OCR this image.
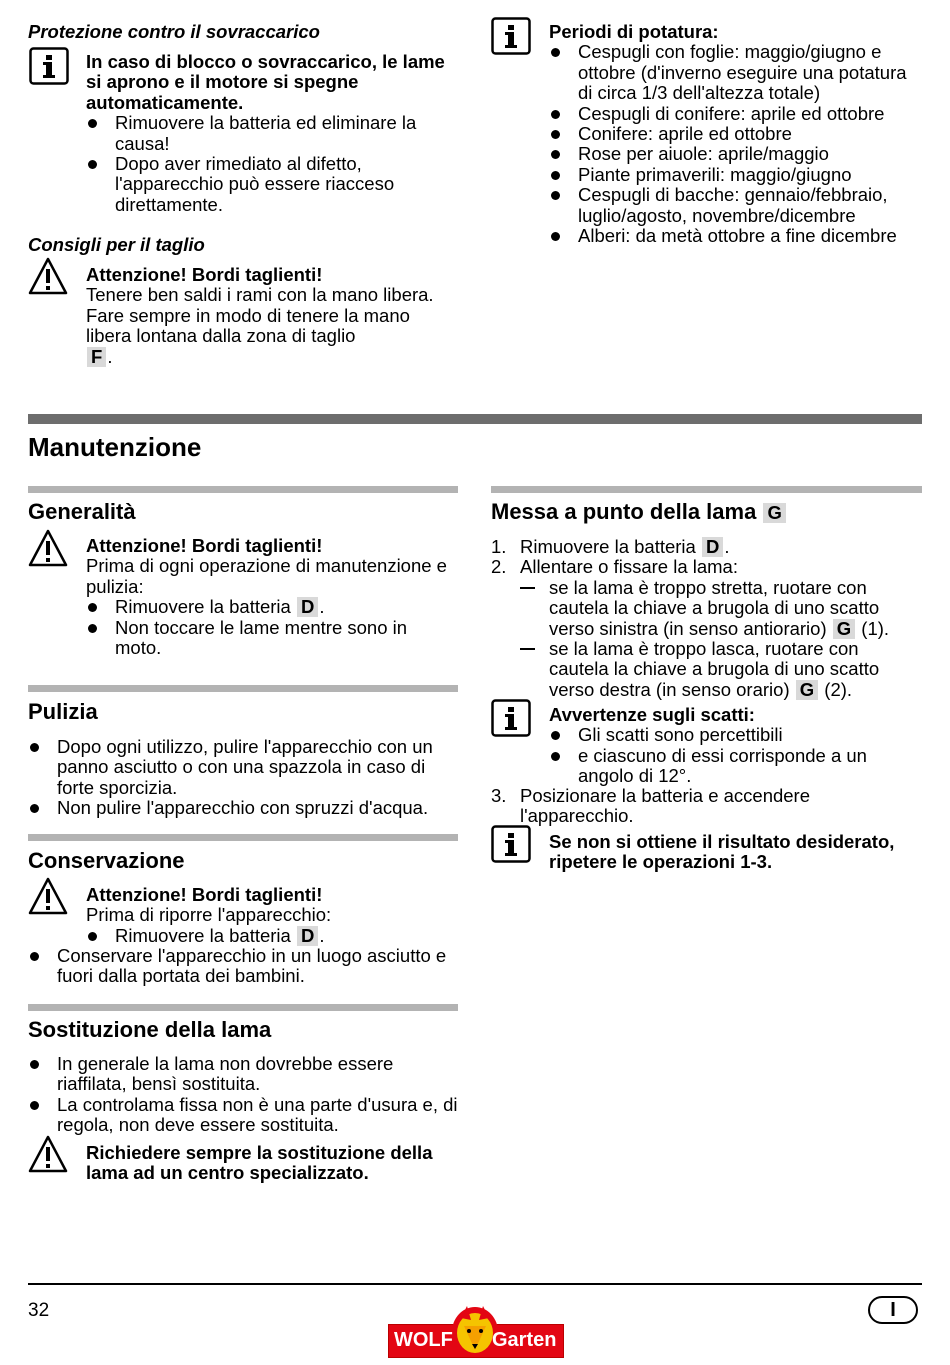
Protezione contro il sovraccarico
In caso di blocco o sovraccarico, le lame si aprono e il motore si spegne automaticamente.
Rimuovere la batteria ed eliminare la causa!
Dopo aver rimediato al difetto, l'apparecchio può essere riacceso direttamente.
Consigli per il taglio
Attenzione! Bordi taglienti!
Tenere ben saldi i rami con la mano libera. Fare sempre in modo di tenere la mano libera lontana dalla zona di taglio
F .
Periodi di potatura:
Cespugli con foglie: maggio/giugno e ottobre (d'inverno eseguire una potatura di circa 1/3 dell'altezza totale)
Cespugli di conifere: aprile ed ottobre
Conifere: aprile ed ottobre
Rose per aiuole: aprile/maggio
Piante primaverili: maggio/giugno
Cespugli di bacche: gennaio/febbraio, luglio/agosto, novembre/dicembre
Alberi: da metà ottobre a fine dicembre
Manutenzione
Generalità
Attenzione! Bordi taglienti!
Prima di ogni operazione di manutenzione e pulizia:
Rimuovere la batteria D .
Non toccare le lame mentre sono in moto.
Pulizia
Dopo ogni utilizzo, pulire l'apparecchio con un panno asciutto o con una spazzola in caso di forte sporcizia.
Non pulire l'apparecchio con spruzzi d'acqua.
Conservazione
Attenzione! Bordi taglienti!
Prima di riporre l'apparecchio:
Rimuovere la batteria D .
Conservare l'apparecchio in un luogo asciutto e fuori dalla portata dei bambini.
Sostituzione della lama
In generale la lama non dovrebbe essere riaffilata, bensì sostituita.
La controlama fissa non è una parte d'usura e, di regola, non deve essere sostituita.
Richiedere sempre la sostituzione della lama ad un centro specializzato.
Messa a punto della lama G
1. Rimuovere la batteria D .
2. Allentare o fissare la lama:
se la lama è troppo stretta, ruotare con cautela la chiave a brugola di uno scatto verso sinistra (in senso antiorario) G (1).
se la lama è troppo lasca, ruotare con cautela la chiave a brugola di uno scatto verso destra (in senso orario) G (2).
Avvertenze sugli scatti:
Gli scatti sono percettibili
e ciascuno di essi corrisponde a un angolo di 12°.
3. Posizionare la batteria e accendere l'apparecchio.
Se non si ottiene il risultato desiderato, ripetere le operazioni 1-3.
32	I
WOLF Garten
